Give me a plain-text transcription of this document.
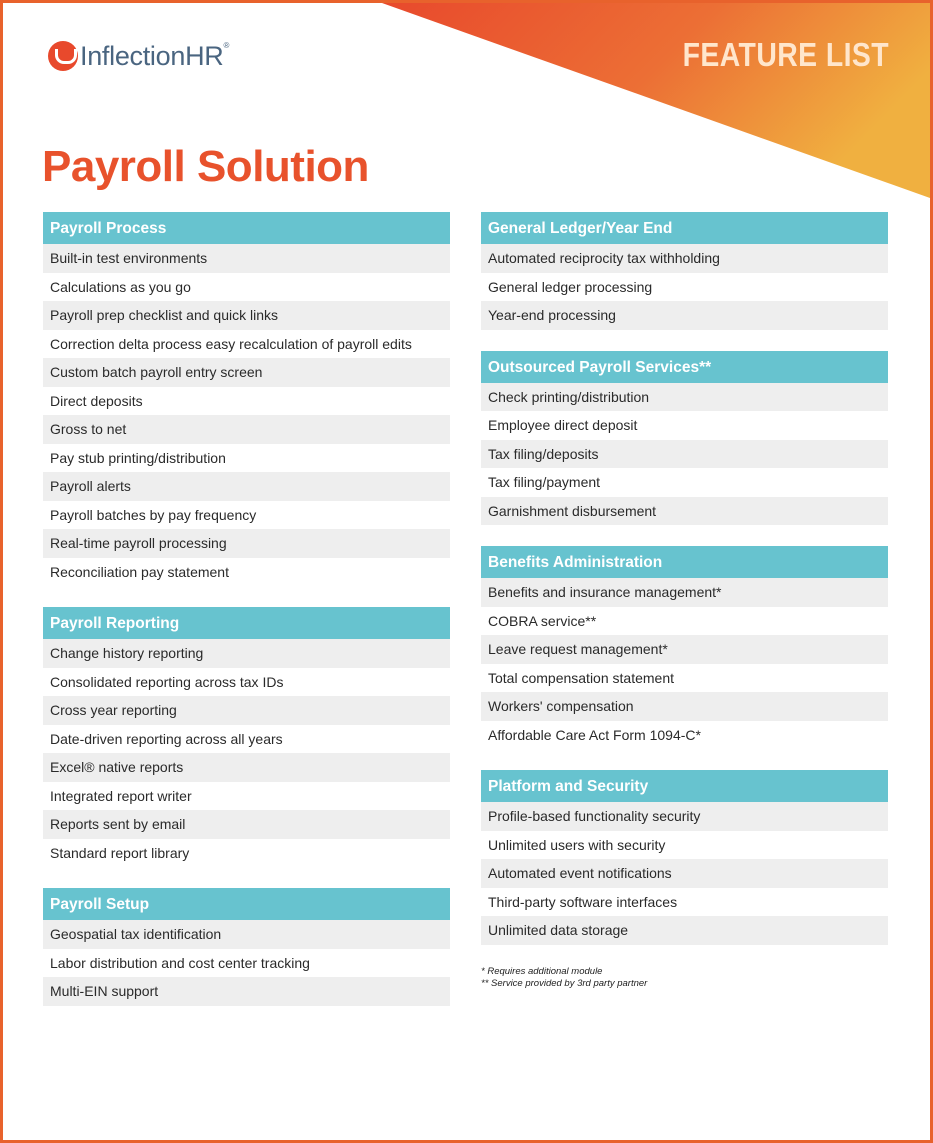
InflectionHR®	FEATURE LIST
Payroll Solution
Payroll Process
Built-in test environments
Calculations as you go
Payroll prep checklist and quick links
Correction delta process easy recalculation of payroll edits
Custom batch payroll entry screen
Direct deposits
Gross to net
Pay stub printing/distribution
Payroll alerts
Payroll batches by pay frequency
Real-time payroll processing
Reconciliation pay statement
Payroll Reporting
Change history reporting
Consolidated reporting across tax IDs
Cross year reporting
Date-driven reporting across all years
Excel® native reports
Integrated report writer
Reports sent by email
Standard report library
Payroll Setup
Geospatial tax identification
Labor distribution and cost center tracking
Multi-EIN support
General Ledger/Year End
Automated reciprocity tax withholding
General ledger processing
Year-end processing
Outsourced Payroll Services**
Check printing/distribution
Employee direct deposit
Tax filing/deposits
Tax filing/payment
Garnishment disbursement
Benefits Administration
Benefits and insurance management*
COBRA service**
Leave request management*
Total compensation statement
Workers' compensation
Affordable Care Act Form 1094-C*
Platform and Security
Profile-based functionality security
Unlimited users with security
Automated event notifications
Third-party software interfaces
Unlimited data storage
* Requires additional module
** Service provided by 3rd party partner
